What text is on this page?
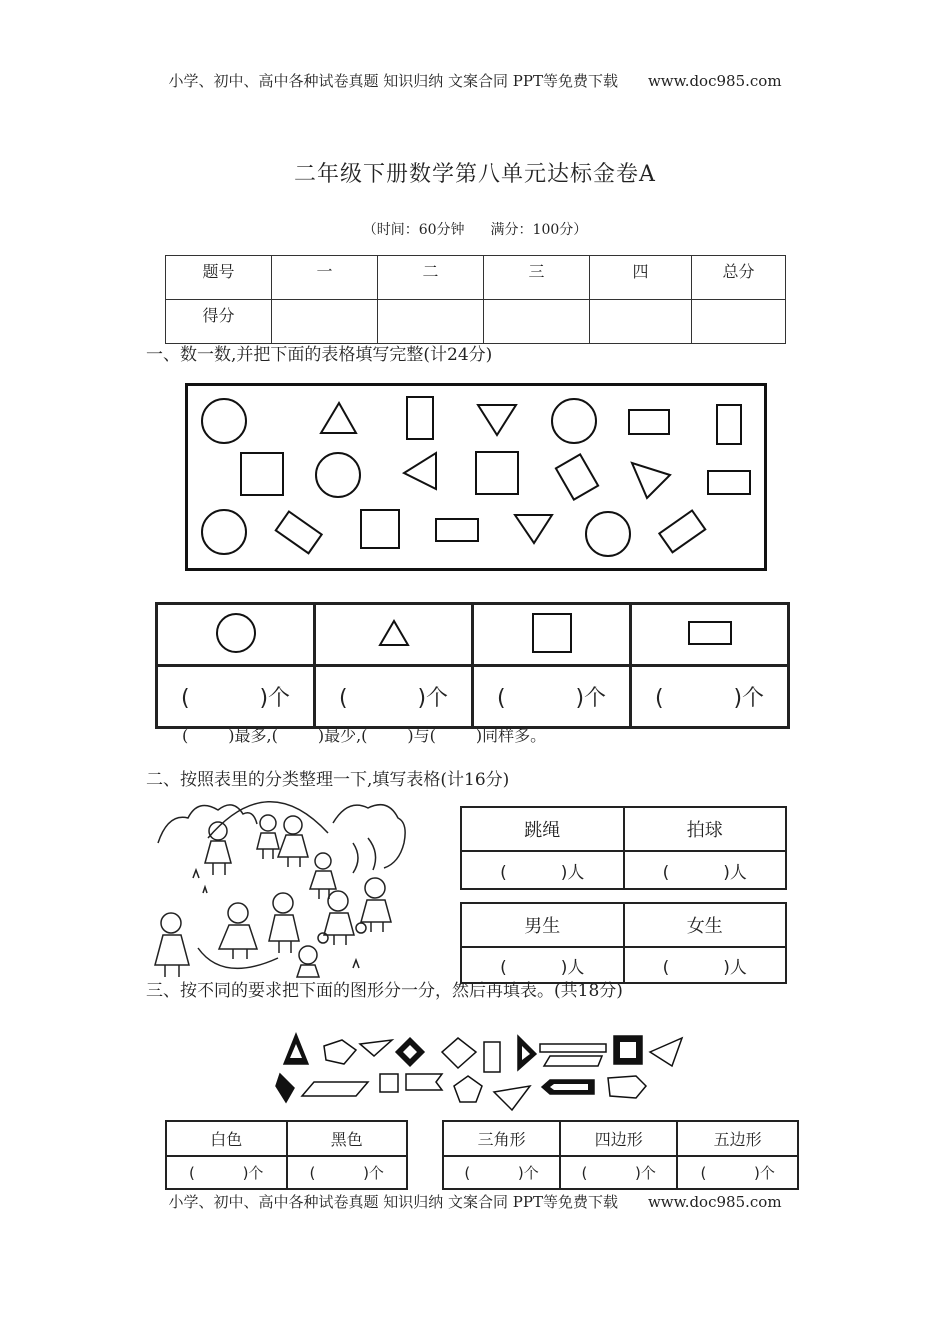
小学、初中、高中各种试卷真题 知识归纳 文案合同 PPT等免费下载 www.doc985.com
二年级下册数学第八单元达标金卷A
（时间：60分钟 满分：100分）
题号	一	二	三	四	总分
得分					
一、数一数,并把下面的表格填写完整(计24分)

(          )个	(          )个	(          )个	(          )个
(	)最多,(	)最少,(	)与(	)同样多。
二、按照表里的分类整理一下,填写表格(计16分)
跳绳	拍球
(          )人	(          )人
男生	女生
(          )人	(          )人
三、按不同的要求把下面的图形分一分，然后再填表。(共18分)
白色	黑色
(          )个	(          )个
三角形	四边形	五边形
(          )个	(          )个	(          )个
小学、初中、高中各种试卷真题 知识归纳 文案合同 PPT等免费下载 www.doc985.com
